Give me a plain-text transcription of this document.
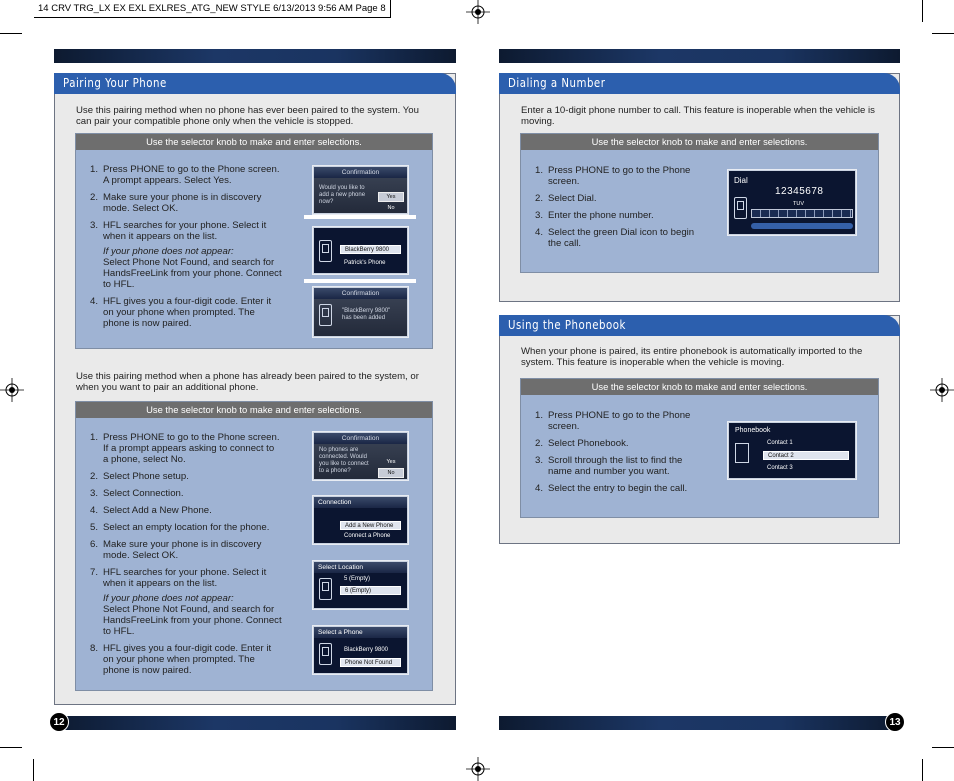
14 CRV TRG_LX EX EXL EXLRES_ATG_NEW STYLE 6/13/2013 9:56 AM Page 8
Pairing Your Phone
Use this pairing method when no phone has ever been paired to the system. You can pair your compatible phone only when the vehicle is stopped.
Use the selector knob to make and enter selections.
1. Press PHONE to go to the Phone screen. A prompt appears. Select Yes.
2. Make sure your phone is in discovery mode. Select OK.
3. HFL searches for your phone. Select it when it appears on the list.
If your phone does not appear:
Select Phone Not Found, and search for HandsFreeLink from your phone. Connect to HFL.
4. HFL gives you a four-digit code. Enter it on your phone when prompted. The phone is now paired.
Confirmation
Would you like to add a new phone now?
Yes
No
BlackBerry 9800
Patrick's Phone
Confirmation
"BlackBerry 9800" has been added
Use this pairing method when a phone has already been paired to the system, or when you want to pair an additional phone.
Use the selector knob to make and enter selections.
1. Press PHONE to go to the Phone screen. If a prompt appears asking to connect to a phone, select No.
2. Select Phone setup.
3. Select Connection.
4. Select Add a New Phone.
5. Select an empty location for the phone.
6. Make sure your phone is in discovery mode. Select OK.
7. HFL searches for your phone. Select it when it appears on the list.
If your phone does not appear:
Select Phone Not Found, and search for HandsFreeLink from your phone. Connect to HFL.
8. HFL gives you a four-digit code. Enter it on your phone when prompted. The phone is now paired.
Confirmation
No phones are connected. Would you like to connect to a phone?
Yes
No
Connection
Add a New Phone
Connect a Phone
Select Location
5 (Empty)
6 (Empty)
Select a Phone
BlackBerry 9800
Phone Not Found
Dialing a Number
Enter a 10-digit phone number to call. This feature is inoperable when the vehicle is moving.
Use the selector knob to make and enter selections.
1. Press PHONE to go to the Phone screen.
2. Select Dial.
3. Enter the phone number.
4. Select the green Dial icon to begin the call.
Dial
12345678
TUV
Using the Phonebook
When your phone is paired, its entire phonebook is automatically imported to the system. This feature is inoperable when the vehicle is moving.
Use the selector knob to make and enter selections.
1. Press PHONE to go to the Phone screen.
2. Select Phonebook.
3. Scroll through the list to find the name and number you want.
4. Select the entry to begin the call.
Phonebook
Contact 1
Contact 2
Contact 3
12	13
